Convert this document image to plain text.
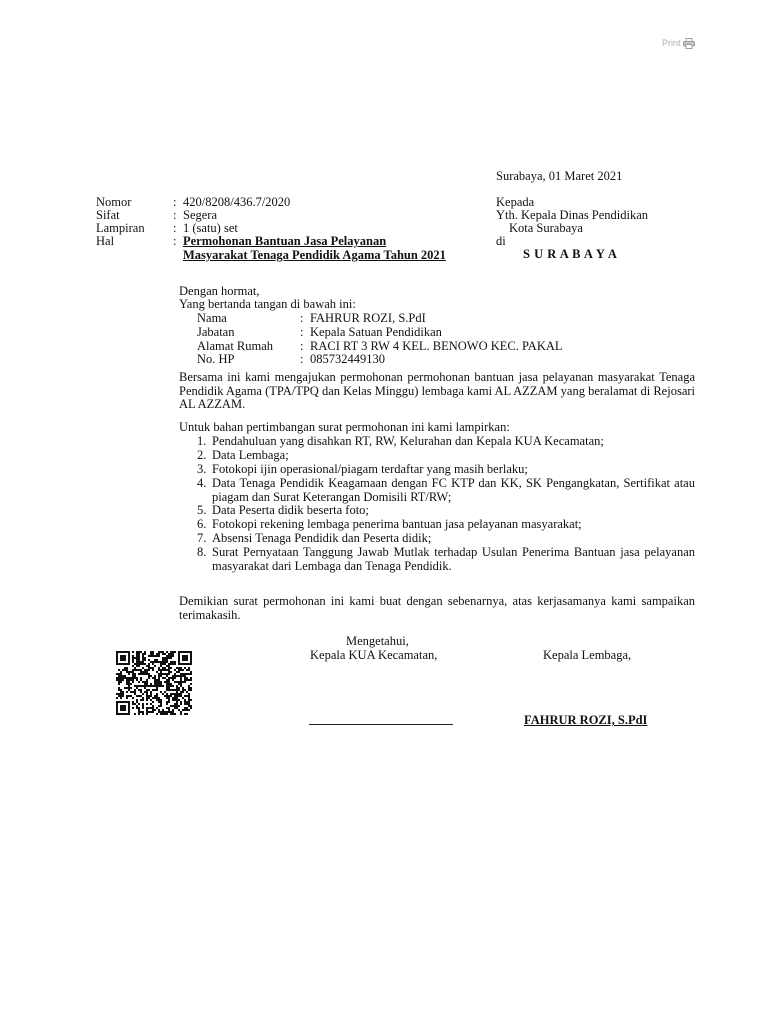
Print
Surabaya, 01 Maret 2021
Nomor	: 420/8208/436.7/2020
Sifat	: Segera
Lampiran : 1 (satu) set
Hal	: Permohonan Bantuan Jasa Pelayanan
Masyarakat Tenaga Pendidik Agama Tahun 2021
Kepada
Yth. Kepala Dinas Pendidikan
Kota Surabaya
di
S U R A B A Y A
Dengan hormat,
Yang bertanda tangan di bawah ini:
Nama	: FAHRUR ROZI, S.PdI
Jabatan	: Kepala Satuan Pendidikan
Alamat Rumah : RACI RT 3 RW 4 KEL. BENOWO KEC. PAKAL
No. HP	: 085732449130
Bersama ini kami mengajukan permohonan permohonan bantuan jasa pelayanan masyarakat Tenaga Pendidik Agama (TPA/TPQ dan Kelas Minggu) lembaga kami AL AZZAM yang beralamat di Rejosari AL AZZAM.
Untuk bahan pertimbangan surat permohonan ini kami lampirkan:
1. Pendahuluan yang disahkan RT, RW, Kelurahan dan Kepala KUA Kecamatan;
2. Data Lembaga;
3. Fotokopi ijin operasional/piagam terdaftar yang masih berlaku;
4. Data Tenaga Pendidik Keagamaan dengan FC KTP dan KK, SK Pengangkatan, Sertifikat atau piagam dan Surat Keterangan Domisili RT/RW;
5. Data Peserta didik beserta foto;
6. Fotokopi rekening lembaga penerima bantuan jasa pelayanan masyarakat;
7. Absensi Tenaga Pendidik dan Peserta didik;
8. Surat Pernyataan Tanggung Jawab Mutlak terhadap Usulan Penerima Bantuan jasa pelayanan masyarakat dari Lembaga dan Tenaga Pendidik.
Demikian surat permohonan ini kami buat dengan sebenarnya, atas kerjasamanya kami sampaikan terimakasih.
Mengetahui,
Kepala KUA Kecamatan,	Kepala Lembaga,
FAHRUR ROZI, S.PdI
